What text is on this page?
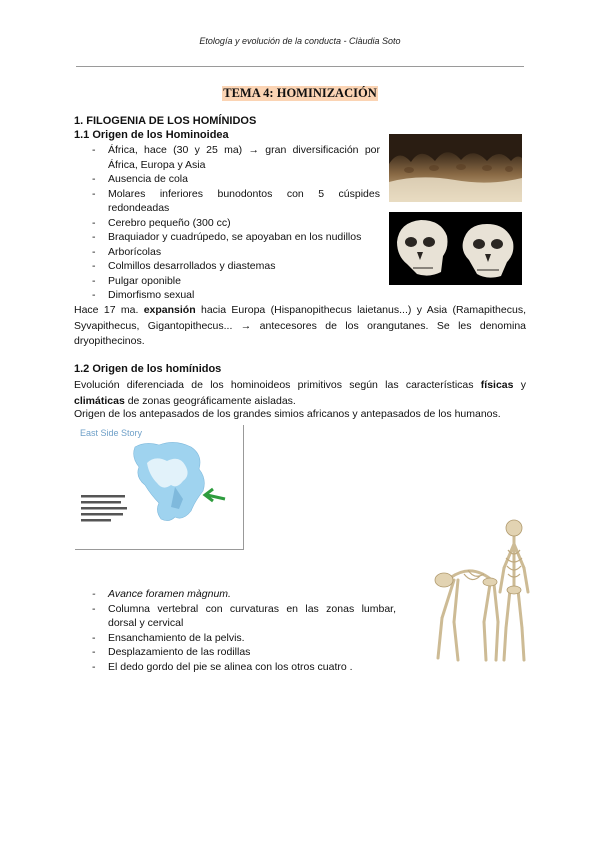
Etología y evolución de la conducta - Clàudia Soto
TEMA 4: HOMINIZACIÓN
1. FILOGENIA DE LOS HOMÍNIDOS
1.1 Origen de los Hominoidea
- África, hace (30 y 25 ma) → gran diversificación por África, Europa y Asia
- Ausencia de cola
- Molares inferiores bunodontos con 5 cúspides redondeadas
- Cerebro pequeño (300 cc)
- Braquiador y cuadrúpedo, se apoyaban en los nudillos
- Arborícolas
- Colmillos desarrollados y diastemas
- Pulgar oponible
- Dimorfismo sexual
Hace 17 ma. expansión hacia Europa (Hispanopithecus laietanus...) y Asia (Ramapithecus, Syvapithecus, Gigantopithecus... → antecesores de los orangutanes. Se les denomina dryopithecinos.
1.2 Origen de los homínidos
Evolución diferenciada de los hominoideos primitivos según las características físicas y climáticas de zonas geográficamente aisladas.
Origen de los antepasados de los grandes simios africanos y antepasados de los humanos.
East Side Story
- Avance foramen màgnum.
- Columna vertebral con curvaturas en las zonas lumbar, dorsal y cervical
- Ensanchamiento de la pelvis.
- Desplazamiento de las rodillas
- El dedo gordo del pie se alinea con los otros cuatro .
